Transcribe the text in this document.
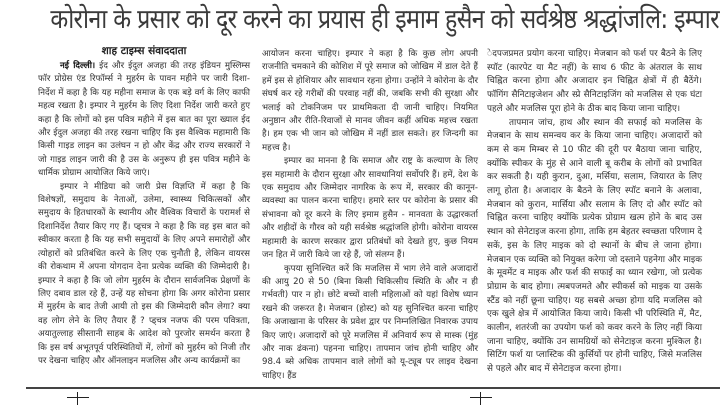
कोरोना के प्रसार को दूर करने का प्रयास ही इमाम हुसैन को सर्वश्रेष्ठ श्रद्धांजलि: इम्पार
शाह टाइम्स संवाददाता

नई दिल्ली। ईद और ईदुल अजहा की तरह इंडियन मुस्लिम्स फॉर प्रोग्रेस एंड रिफॉर्म्स ने मुहर्रम के पावन महीने पर जारी दिशा-निर्देश में कहा है कि यह महीना समाज के एक बड़े वर्ग के लिए काफी महत्व रखता है। इम्पार ने मुहर्रम के लिए दिशा निर्देश जारी करते हुए कहा है कि लोगों को इस पवित्र महीने में इस बात का पूरा ख्याल ईद और ईदुल अजहा की तरह रखना चाहिए कि इस वैश्विक महामारी कि किसी गाइड लाइन का उलंघन न हो और केंद्र और राज्य सरकारों ने जो गाइड लाइन जारी की है उस के अनुरूप ही इस पवित्र महीने के धार्मिक प्रोग्राम आयोजित किये जाएं।

इम्पार ने मीडिया को जारी प्रेस विज्ञप्ति में कहा है कि विशेषज्ञों, समुदाय के नेताओं, उलेमा, स्वास्थ्य चिकित्सकों और समुदाय के हितधारकों के स्थानीय और वैश्विक विचारों के परामर्श से दिशानिर्देश तैयार किए गए हैं। प्ड्चत्र ने कहा है कि वह इस बात को स्वीकार करता है कि यह सभी समुदायों के लिए अपने समारोहों और त्योहारों को प्रतिबंधित करने के लिए एक चुनौती है, लेकिन वायरस की रोकथाम में अपना योगदान देना प्रत्येक व्यक्ति की जिम्मेदारी है। इम्पार ने कहा है कि जो लोग मुहर्रम के दौरान सार्वजनिक प्रेक्षणों के लिए दबाव डाल रहे हैं, उन्हें यह सोचना होगा कि अगर कोरोना प्रसार में मुहर्रम के बाद तेजी आयी तो इस की जिम्मेदारी कौन लेगा? क्या वह लोग लेने के लिए तैयार हैं ? प्ड्चत्र नजफ की परम पवित्रता, अयातुल्लाह सीस्तानी साहब के आदेश को पुरजोर समर्थन करता है कि इस वर्ष अभूतपूर्व परिस्थितियों में, लोगों को मुहर्रम को निजी तौर पर देखना चाहिए और ऑनलाइन मजलिस और अन्य कार्यक्रमों का

आयोजन करना चाहिए। इम्पार ने कहा है कि कुछ लोग अपनी राजनीति चमकाने की कोशिश में पूरे समाज को जोखिम में डाल देते हैं हमें इस से होशियार और सावधान रहना होगा। उन्होंने ने कोरोना के दौर संघर्ष कर रहे गरीबों की परवाह नहीं की, जबकि सभी की सुरक्षा और भलाई को टोकनिजम पर प्राथमिकता दी जानी चाहिए। नियमित अनुष्ठान और रीति-रिवाजों से मानव जीवन कहीं अधिक महत्त्व रखता है। हम एक भी जान को जोखिम में नहीं डाल सकते। हर जिन्दगी का महत्त्व है।

इम्पार का मानना है कि समाज और राष्ट्र के कल्याण के लिए इस महामारी के दौरान सुरक्षा और सावधानियां सर्वोपरि हैं। हमें, देश के एक समुदाय और जिम्मेदार नागरिक के रूप में, सरकार की कानून-व्यवस्था का पालन करना चाहिए। हमारे स्तर पर कोरोना के प्रसार की संभावना को दूर करने के लिए इमाम हुसैन - मानवता के उद्धारकर्ता और शहीदों के गौरव को यही सर्वश्रेष्ठ श्रद्धांजलि होगी। कोरोना वायरस महामारी के कारण सरकार द्वारा प्रतिबंधों को देखते हुए, कुछ नियम जन हित में जारी किये जा रहे हैं, जो संलग्न हैं।

कृपया सुनिश्चित करें कि मजलिस में भाग लेने वाले अजादारों की आयु 20 से 50 (बिना किसी चिकित्सीय स्थिति के और न ही गर्भवती) पार न हो। छोटे बच्चों वाली महिलाओं को यहां विशेष ध्यान रखने की जरूरत है। मेजबान (होस्ट) को यह सुनिश्चित करना चाहिए कि अजाखाना के परिसर के प्रवेश द्वार पर निम्नलिखित निवारक उपाय किए जाएं। अजादारों को पूरे मजलिस में अनिवार्य रूप से मास्क (मुंह और नाक ढंकना) पहनना चाहिए। तापमान जांच होनी चाहिए और 98.4 ब्से अधिक तापमान वाले लोगों को यू-ट्यूब पर लाइव देखना चाहिए। हैंड

ेदपजप्रमत प्रयोग करना चाहिए। मेजबान को फर्श पर बैठने के लिए स्पॉट (कारपेट या मैट नहीं) के साथ 6 फीट के अंतराल के साथ चिह्नित करना होगा और अजादार इन चिह्नित क्षेत्रों में ही बैठेंगे। फॉगिंग सैनिटाइजेशन और स्प्रे सैनिटाइजिंग को मजलिस से एक घंटा पहले और मजलिस पूरा होने के ठीक बाद किया जाना चाहिए।

तापमान जांच, हाथ और स्थान की सफाई को मजलिस के मेजबान के साथ समन्वय कर के किया जाना चाहिए। अजादारों को कम से कम मिम्बर से 10 फीट की दूरी पर बैठाया जाना चाहिए, क्योंकि स्पीकर के मुंह से आने वाली बू करीब के लोगों को प्रभावित कर सकती है। यही कुरान, दुआ, मर्सिया, सलाम, जियारत के लिए लागू होता है। अजादार के बैठने के लिए स्पॉट बनाने के अलावा, मेजबान को कुरान, मार्सिया और सलाम के लिए दो और स्पॉट को चिह्नित करना चाहिए क्योंकि प्रत्येक प्रोग्राम खत्म होने के बाद उस स्थान को सेनेटाइज करना होगा, ताकि हम बेहतर स्वच्छता परिणाम दे सकें, इस के लिए माइक को दो स्थानों के बीच ले जाना होगा। मेजबान एक व्यक्ति को नियुक्त करेगा जो दस्ताने पहनेगा और माइक के मूवमेंट व माइक और फर्श की सफाई का ध्यान रखेगा, जो प्रत्येक प्रोग्राम के बाद होगा। त्मबपजमते और स्पीकर्स को माइक या उसके स्टैंड को नहीं छूना चाहिए। यह सबसे अच्छा होगा यदि मजलिस को एक खुले क्षेत्र में आयोजित किया जाये। किसी भी परिस्थिति में, मैट, कालीन, शतरंजी का उपयोग फर्श को कवर करने के लिए नहीं किया जाना चाहिए, क्योंकि उन सामग्रियों को सेनेटाइज करना मुश्किल है। सिटिंग फर्श या प्लास्टिक की कुर्सियों पर होनी चाहिए, जिसे मजलिस से पहले और बाद में सेनेटाइज करना होगा।
